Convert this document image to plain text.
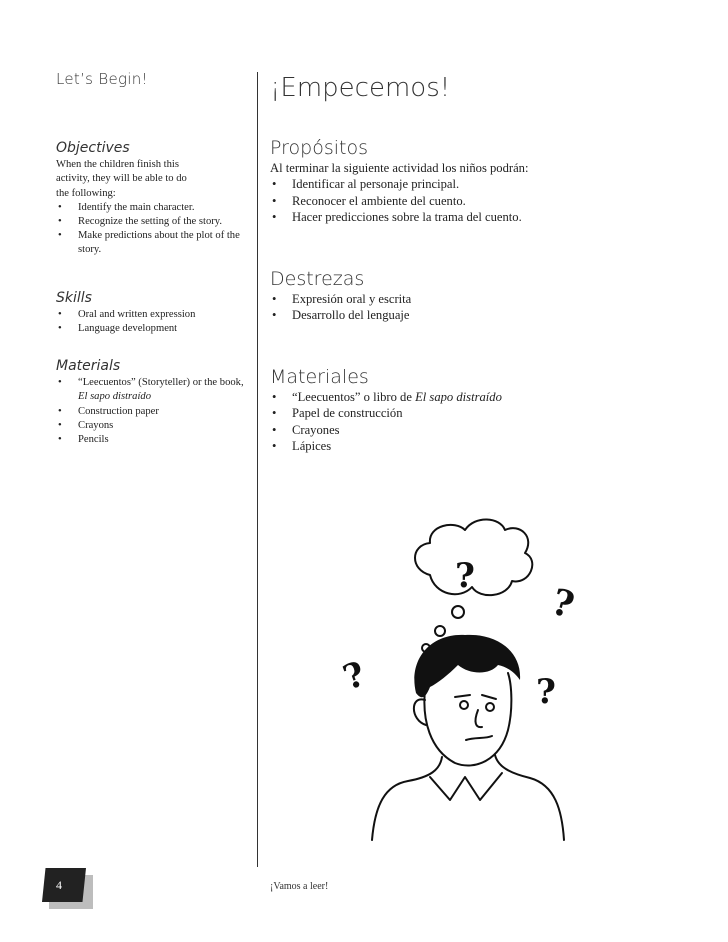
Let’s Begin!
Objectives
When the children finish this
activity, they will be able to do
the following:
• Identify the main character.
• Recognize the setting of the story.
• Make predictions about the plot of the story.
Skills
• Oral and written expression
• Language development
Materials
• “Leecuentos” (Storyteller) or the book, El sapo distraído
• Construction paper
• Crayons
• Pencils
¡Empecemos!
Propósitos
Al terminar la siguiente actividad los niños podrán:
• Identificar al personaje principal.
• Reconocer el ambiente del cuento.
• Hacer predicciones sobre la trama del cuento.
Destrezas
• Expresión oral y escrita
• Desarrollo del lenguaje
Materiales
• “Leecuentos” o libro de El sapo distraído
• Papel de construcción
• Crayones
• Lápices
?
?
?	?
4	¡Vamos a leer!
